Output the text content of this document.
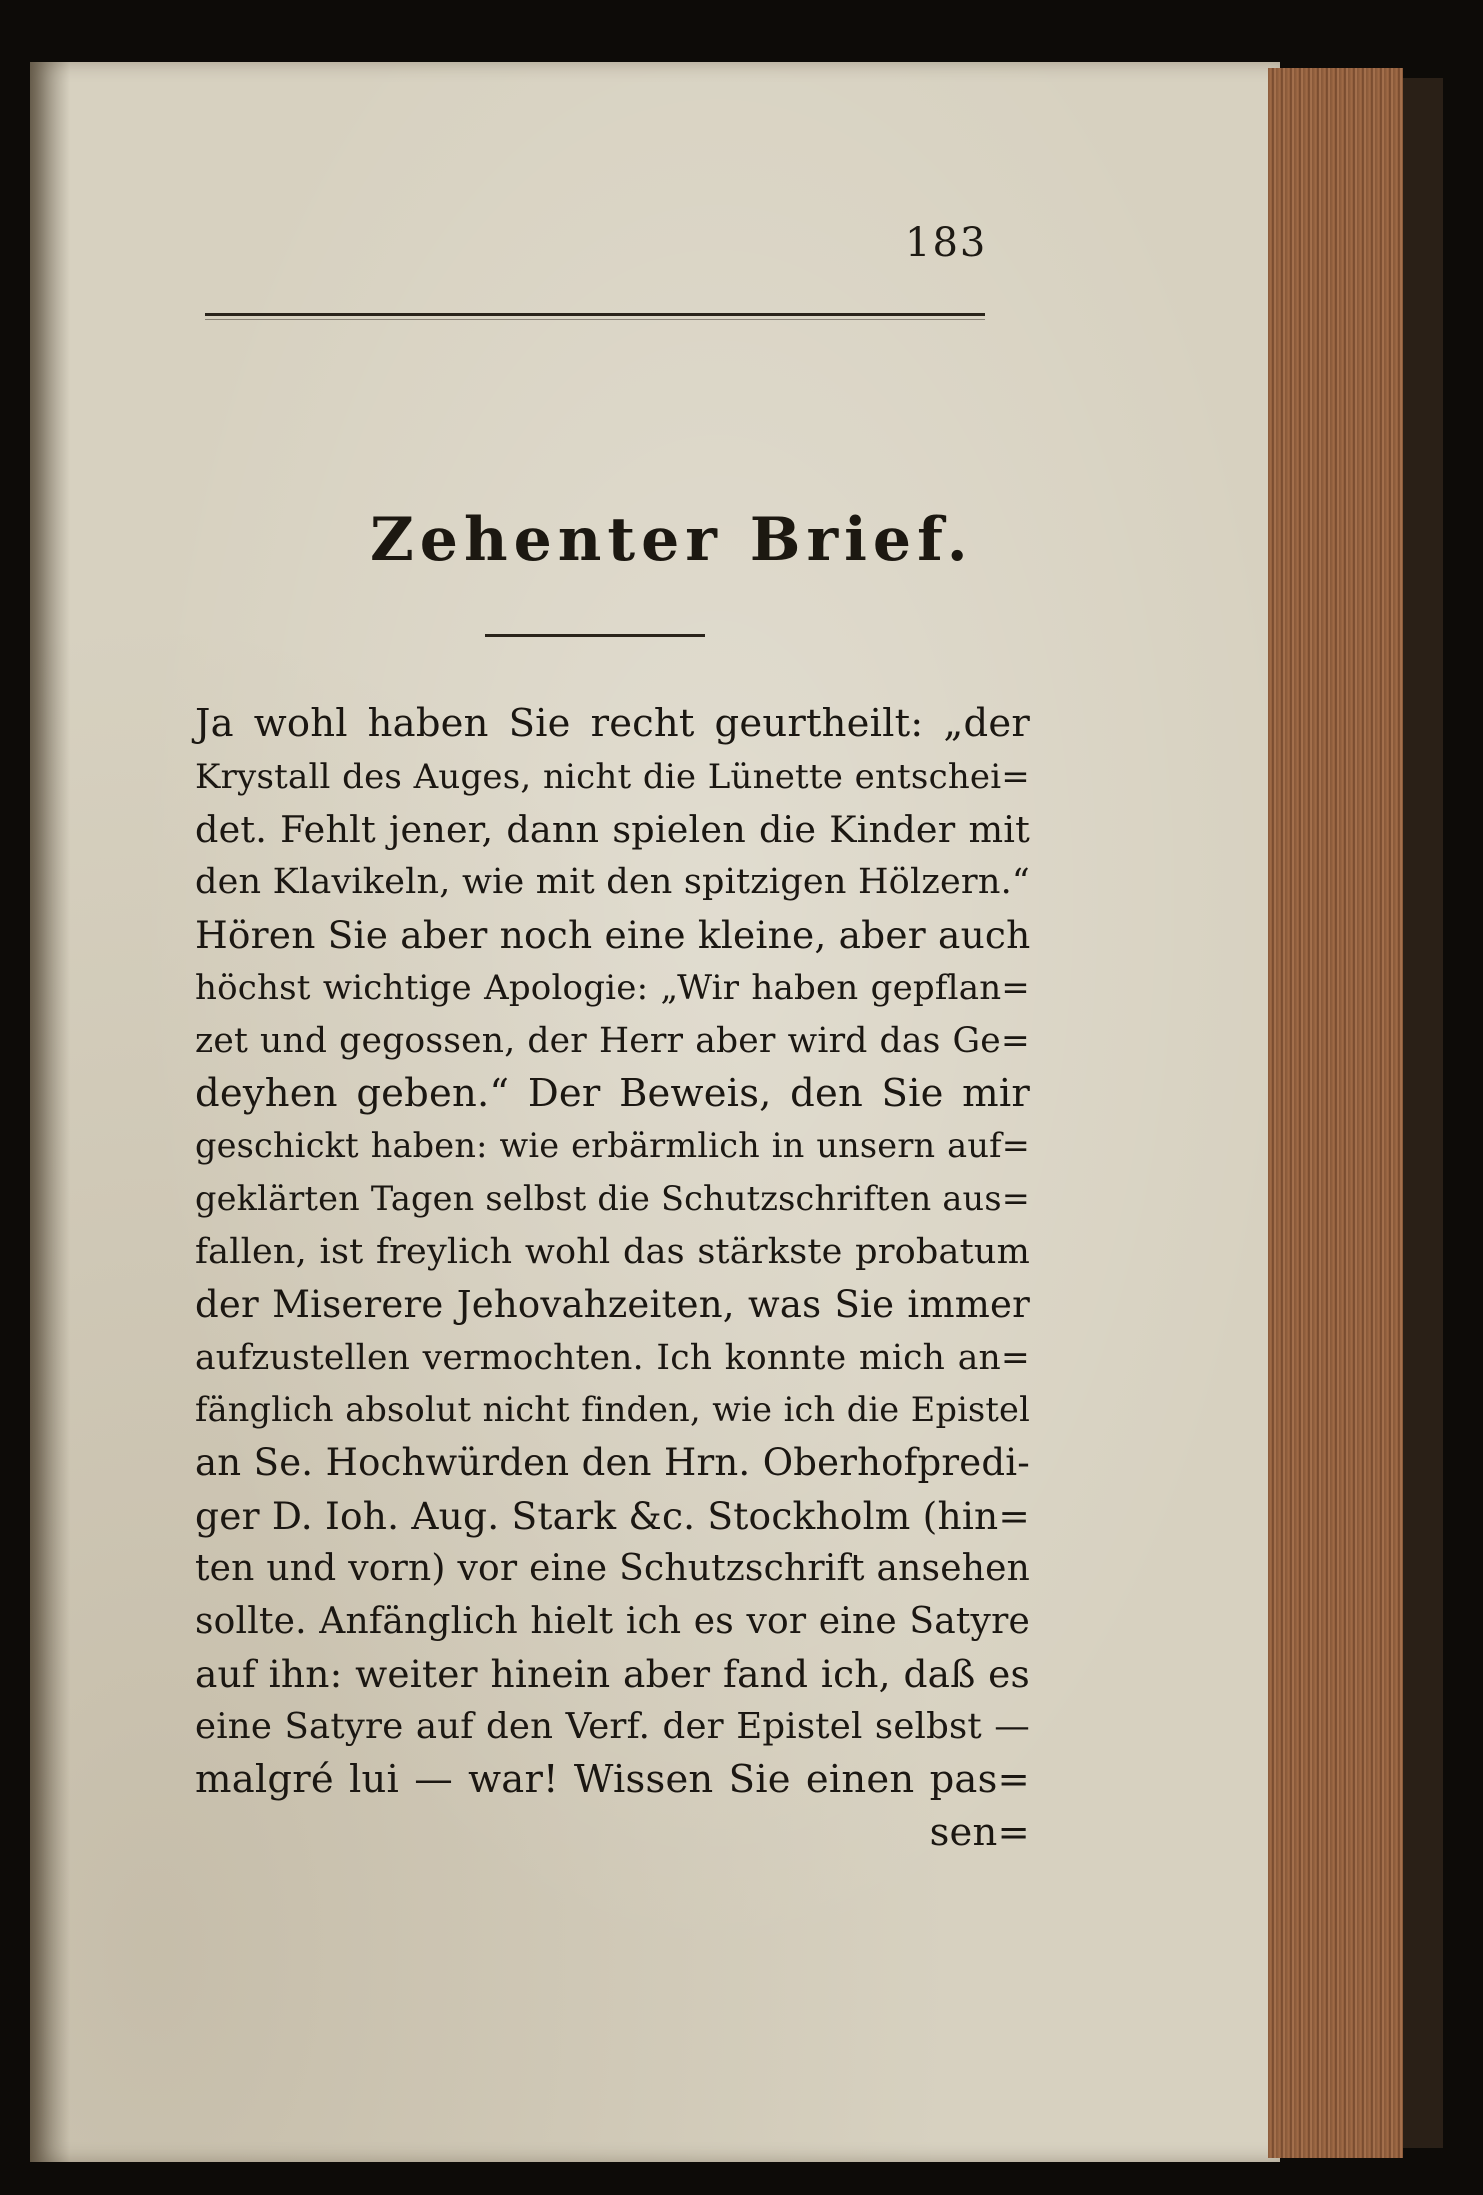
183
Zehenter Brief.
Ja wohl haben Sie recht geurtheilt: „der
Krystall des Auges, nicht die Lünette entschei=
det. Fehlt jener, dann spielen die Kinder mit
den Klavikeln, wie mit den spitzigen Hölzern.“
Hören Sie aber noch eine kleine, aber auch
höchst wichtige Apologie: „Wir haben gepflan=
zet und gegossen, der Herr aber wird das Ge=
deyhen geben.“ Der Beweis, den Sie mir
geschickt haben: wie erbärmlich in unsern auf=
geklärten Tagen selbst die Schutzschriften aus=
fallen, ist freylich wohl das stärkste probatum
der Miserere Jehovahzeiten, was Sie immer
aufzustellen vermochten. Ich konnte mich an=
fänglich absolut nicht finden, wie ich die Epistel
an Se. Hochwürden den Hrn. Oberhofpredi-
ger D. Ioh. Aug. Stark &c. Stockholm (hin=
ten und vorn) vor eine Schutzschrift ansehen
sollte. Anfänglich hielt ich es vor eine Satyre
auf ihn: weiter hinein aber fand ich, daß es
eine Satyre auf den Verf. der Epistel selbst —
malgré lui — war! Wissen Sie einen pas=
sen=
